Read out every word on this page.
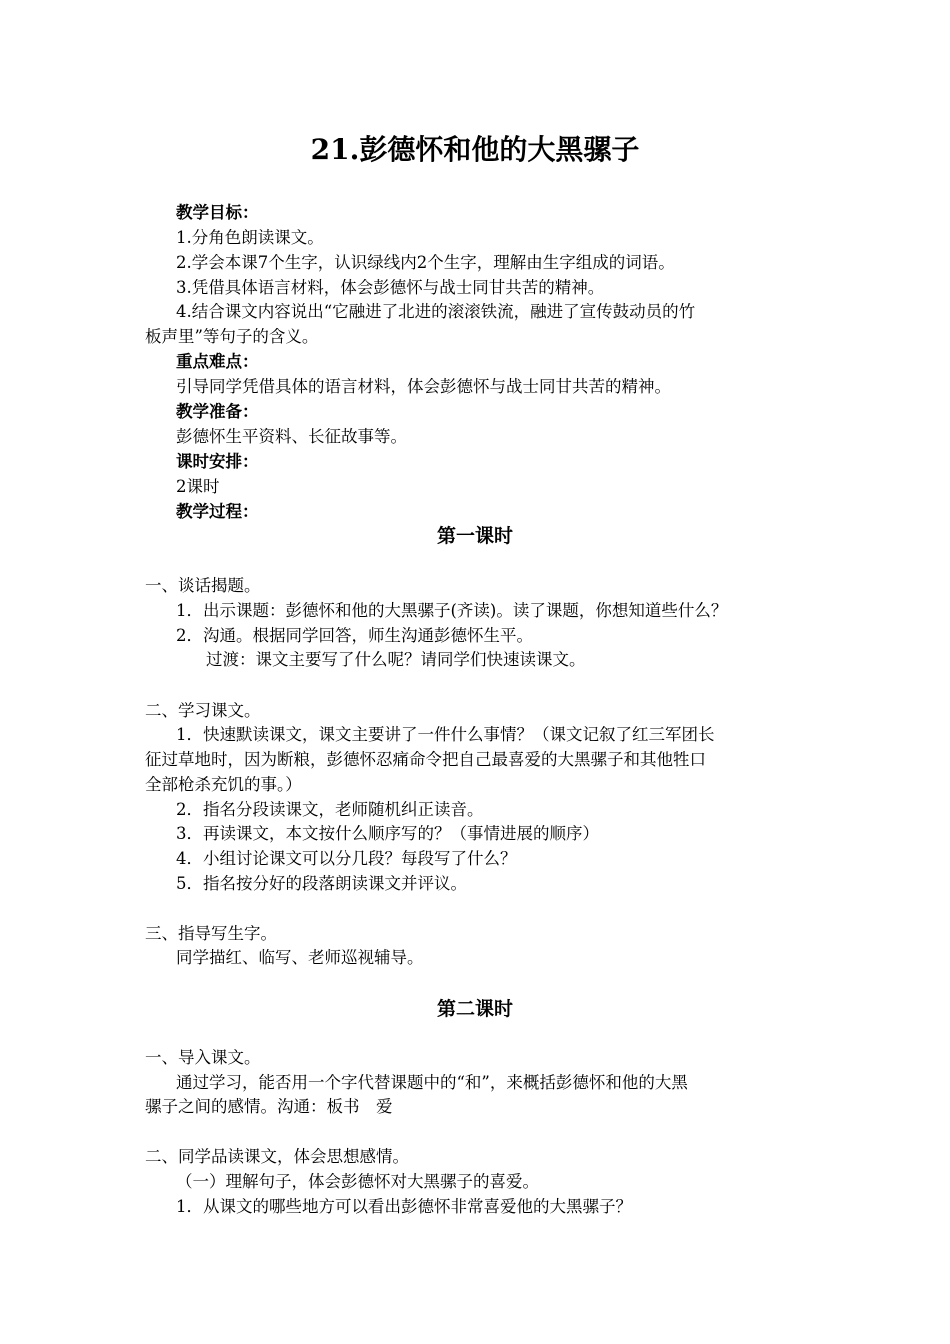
21.彭德怀和他的大黑骡子
教学目标：
1.分角色朗读课文。
2.学会本课7个生字，认识绿线内2个生字，理解由生字组成的词语。
3.凭借具体语言材料，体会彭德怀与战士同甘共苦的精神。
4.结合课文内容说出“它融进了北进的滚滚铁流，融进了宣传鼓动员的竹
板声里”等句子的含义。
重点难点：
引导同学凭借具体的语言材料，体会彭德怀与战士同甘共苦的精神。
教学准备：
彭德怀生平资料、长征故事等。
课时安排：
2课时
教学过程：
第一课时
一、谈话揭题。
1．出示课题：彭德怀和他的大黑骡子(齐读)。读了课题，你想知道些什么？
2．沟通。根据同学回答，师生沟通彭德怀生平。
过渡：课文主要写了什么呢？请同学们快速读课文。
二、学习课文。
1．快速默读课文，课文主要讲了一件什么事情？（课文记叙了红三军团长
征过草地时，因为断粮，彭德怀忍痛命令把自己最喜爱的大黑骡子和其他牲口
全部枪杀充饥的事。）
2．指名分段读课文，老师随机纠正读音。
3．再读课文，本文按什么顺序写的？（事情进展的顺序）
4．小组讨论课文可以分几段？每段写了什么？
5．指名按分好的段落朗读课文并评议。
三、指导写生字。
同学描红、临写、老师巡视辅导。
第二课时
一、导入课文。
通过学习，能否用一个字代替课题中的“和”，来概括彭德怀和他的大黑
骡子之间的感情。沟通：板书　爱
二、同学品读课文，体会思想感情。
（一）理解句子，体会彭德怀对大黑骡子的喜爱。
1．从课文的哪些地方可以看出彭德怀非常喜爱他的大黑骡子？
